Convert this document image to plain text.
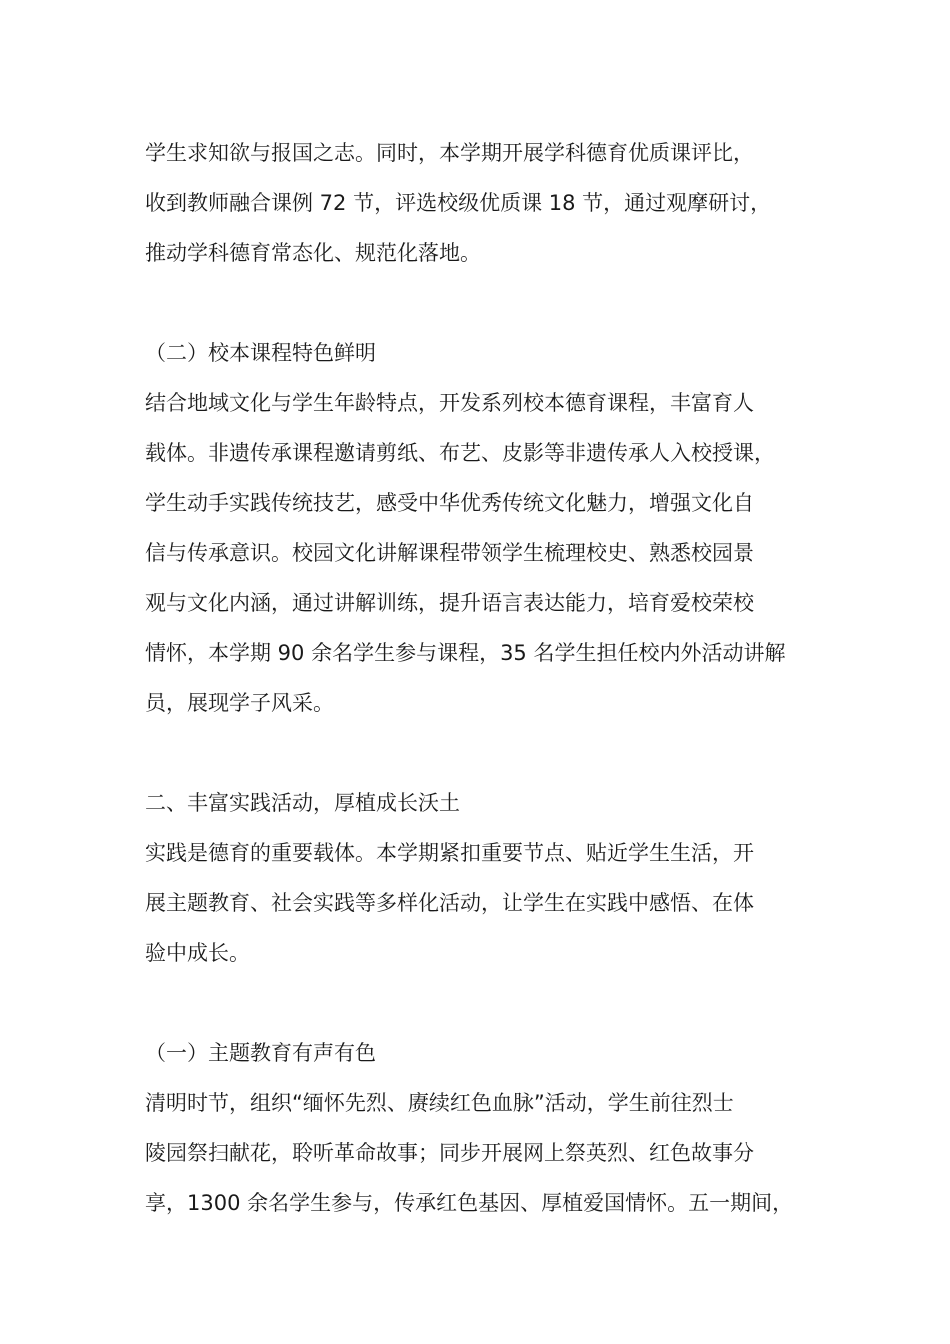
学生求知欲与报国之志。同时，本学期开展学科德育优质课评比，
收到教师融合课例 72 节，评选校级优质课 18 节，通过观摩研讨，
推动学科德育常态化、规范化落地。
（二）校本课程特色鲜明
结合地域文化与学生年龄特点，开发系列校本德育课程，丰富育人
载体。非遗传承课程邀请剪纸、布艺、皮影等非遗传承人入校授课，
学生动手实践传统技艺，感受中华优秀传统文化魅力，增强文化自
信与传承意识。校园文化讲解课程带领学生梳理校史、熟悉校园景
观与文化内涵，通过讲解训练，提升语言表达能力，培育爱校荣校
情怀，本学期 90 余名学生参与课程，35 名学生担任校内外活动讲解
员，展现学子风采。
二、丰富实践活动，厚植成长沃土
实践是德育的重要载体。本学期紧扣重要节点、贴近学生生活，开
展主题教育、社会实践等多样化活动，让学生在实践中感悟、在体
验中成长。
（一）主题教育有声有色
清明时节，组织“缅怀先烈、赓续红色血脉”活动，学生前往烈士
陵园祭扫献花，聆听革命故事；同步开展网上祭英烈、红色故事分
享，1300 余名学生参与，传承红色基因、厚植爱国情怀。五一期间，
